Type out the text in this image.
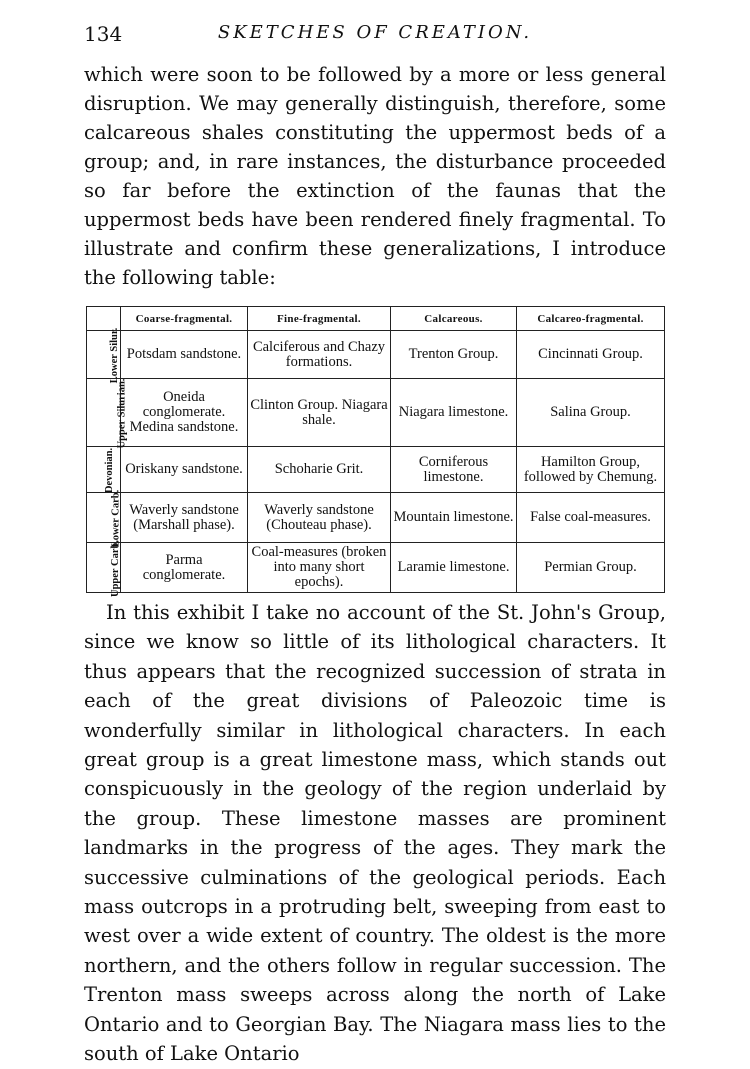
134	SKETCHES OF CREATION.

which were soon to be followed by a more or less general disruption. We may generally distinguish, therefore, some calcareous shales constituting the uppermost beds of a group; and, in rare instances, the disturbance proceeded so far before the extinction of the faunas that the uppermost beds have been rendered finely fragmental. To illustrate and confirm these generalizations, I introduce the following table:

	Coarse-fragmental.	Fine-fragmental.	Calcareous.	Calcareo-fragmental.
Lower Silur.	Potsdam sandstone.	Calciferous and Chazy formations.	Trenton Group.	Cincinnati Group.
Upper Silurian.	Oneida conglomerate. Medina sandstone.	Clinton Group. Niagara shale.	Niagara limestone.	Salina Group.
Devonian.	Oriskany sandstone.	Schoharie Grit.	Corniferous limestone.	Hamilton Group, followed by Chemung.
Lower Carb.	Waverly sandstone (Marshall phase).	Waverly sandstone (Chouteau phase).	Mountain limestone.	False coal-measures.
Upper Carb.	Parma conglomerate.	Coal-measures (broken into many short epochs).	Laramie limestone.	Permian Group.

In this exhibit I take no account of the St. John's Group, since we know so little of its lithological characters. It thus appears that the recognized succession of strata in each of the great divisions of Paleozoic time is wonderfully similar in lithological characters. In each great group is a great limestone mass, which stands out conspicuously in the geology of the region underlaid by the group. These limestone masses are prominent landmarks in the progress of the ages. They mark the successive culminations of the geological periods. Each mass outcrops in a protruding belt, sweeping from east to west over a wide extent of country. The oldest is the more northern, and the others follow in regular succession. The Trenton mass sweeps across along the north of Lake Ontario and to Georgian Bay. The Niagara mass lies to the south of Lake Ontario
